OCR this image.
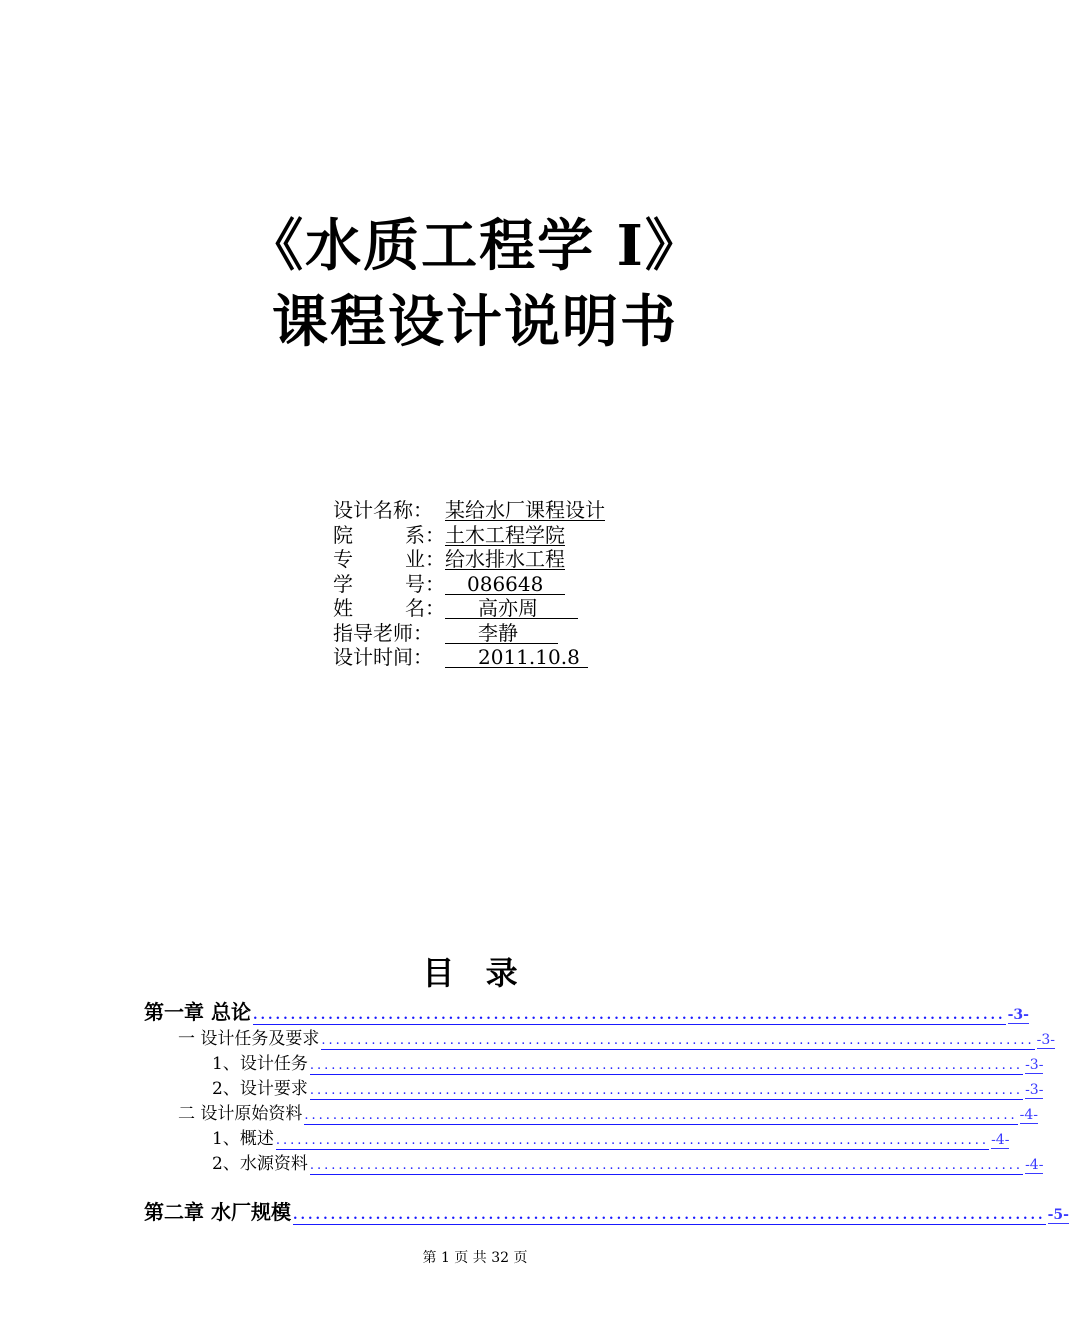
《水质工程学 I》
课程设计说明书
设计名称： 某给水厂课程设计
院	系： 土木工程学院
专	业： 给水排水工程
学	号：	086648
姓	名：	高亦周
指导老师：	李静
设计时间：	2011.10.8
目 录
第一章 总论 .................................................................................................... -3-
一 设计任务及要求 .................................................................................................... -3-
1、设计任务 .................................................................................................... -3-
2、设计要求 .................................................................................................... -3-
二 设计原始资料 .................................................................................................... -4-
1、概述 .................................................................................................... -4-
2、水源资料 .................................................................................................... -4-
第二章 水厂规模 .................................................................................................... -5-
第 1 页 共 32 页
